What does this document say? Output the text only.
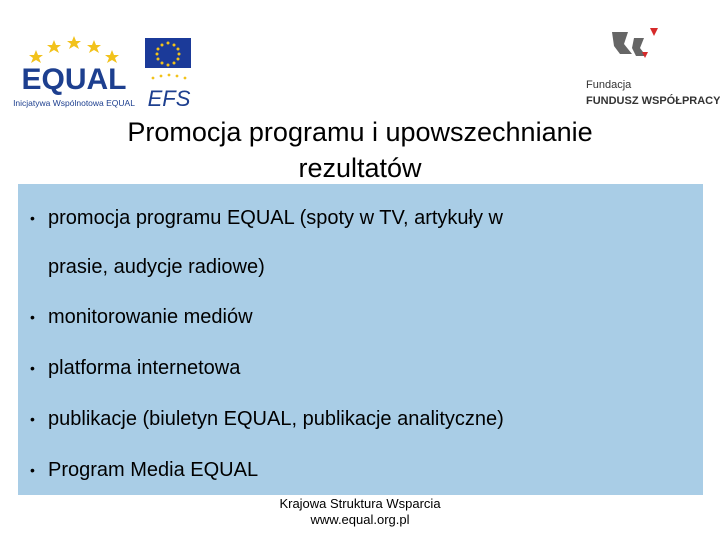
EQUAL
Inicjatywa Wspólnotowa EQUAL EFS
Fundacja
FUNDUSZ WSPÓŁPRACY
Promocja programu i upowszechnianie
rezultatów
• promocja programu EQUAL (spoty w TV, artykuły w
prasie, audycje radiowe)
• monitorowanie mediów
• platforma internetowa
• publikacje (biuletyn EQUAL, publikacje analityczne)
• Program Media EQUAL
Krajowa Struktura Wsparcia
www.equal.org.pl
